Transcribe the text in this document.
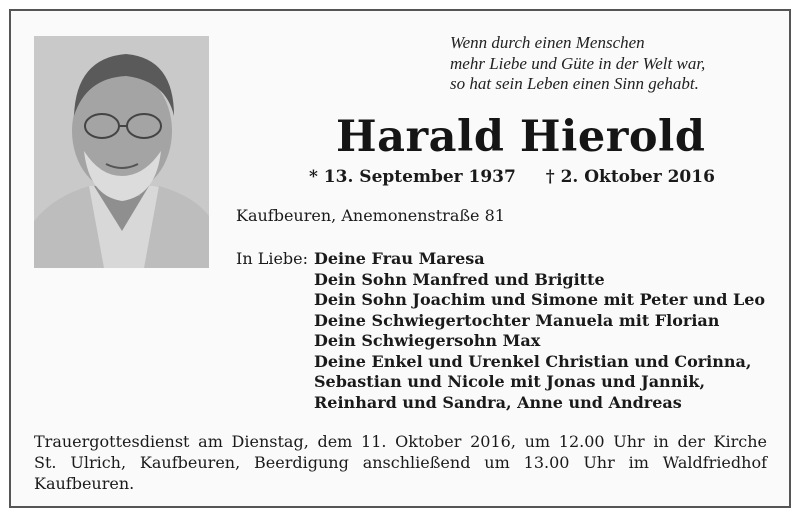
Wenn durch einen Menschen
mehr Liebe und Güte in der Welt war,
so hat sein Leben einen Sinn gehabt.
Harald Hierold
* 13. September 1937 † 2. Oktober 2016
Kaufbeuren, Anemonenstraße 81
In Liebe: Deine Frau Maresa
Dein Sohn Manfred und Brigitte
Dein Sohn Joachim und Simone mit Peter und Leo
Deine Schwiegertochter Manuela mit Florian
Dein Schwiegersohn Max
Deine Enkel und Urenkel Christian und Corinna,
Sebastian und Nicole mit Jonas und Jannik,
Reinhard und Sandra, Anne und Andreas
Trauergottesdienst am Dienstag, dem 11. Oktober 2016, um 12.00 Uhr in der Kirche
St. Ulrich, Kaufbeuren, Beerdigung anschließend um 13.00 Uhr im Waldfriedhof
Kaufbeuren.
